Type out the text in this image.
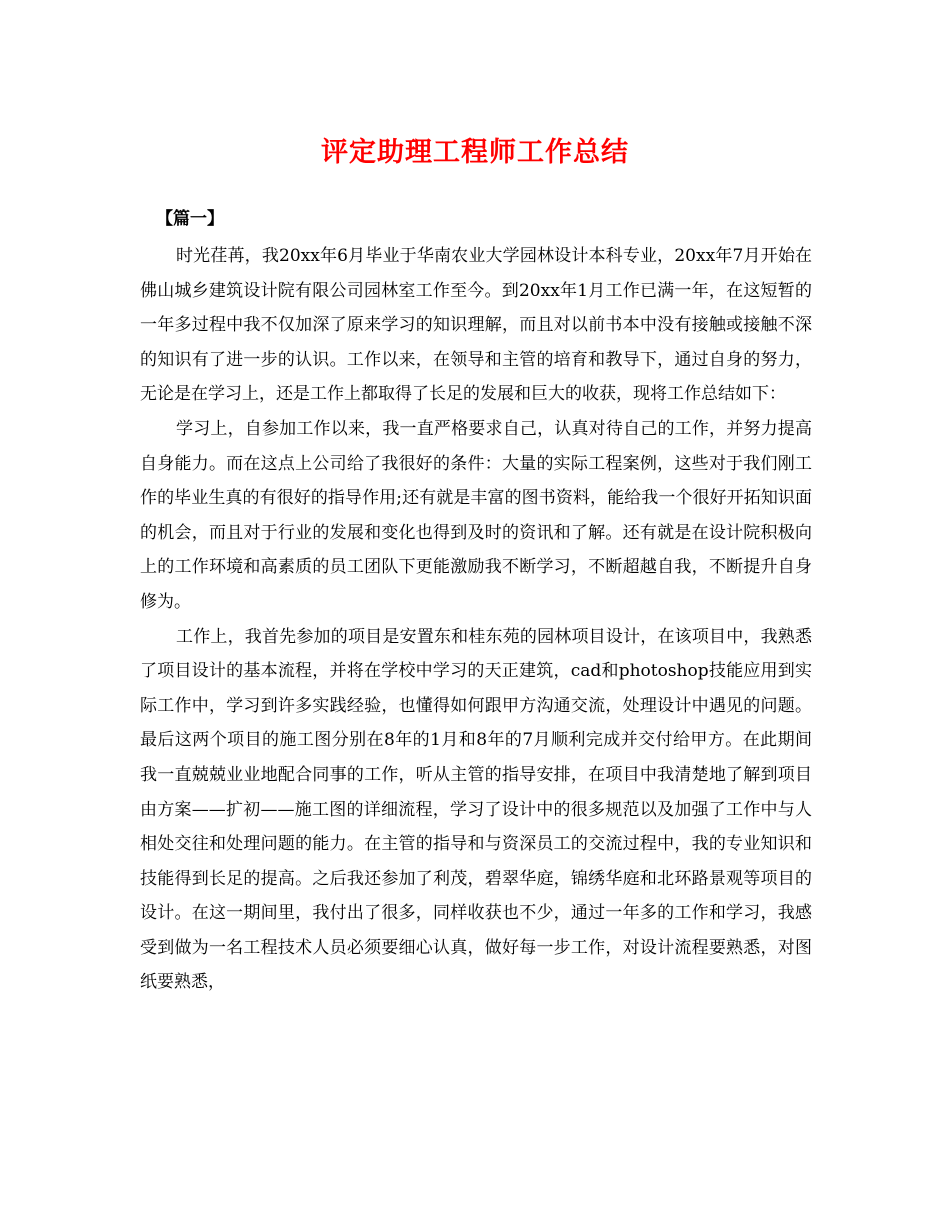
评定助理工程师工作总结
【篇一】

时光荏苒，我20xx年6月毕业于华南农业大学园林设计本科专业，20xx年7月开始在佛山城乡建筑设计院有限公司园林室工作至今。到20xx年1月工作已满一年，在这短暂的一年多过程中我不仅加深了原来学习的知识理解，而且对以前书本中没有接触或接触不深的知识有了进一步的认识。工作以来，在领导和主管的培育和教导下，通过自身的努力，无论是在学习上，还是工作上都取得了长足的发展和巨大的收获，现将工作总结如下：

学习上，自参加工作以来，我一直严格要求自己，认真对待自己的工作，并努力提高自身能力。而在这点上公司给了我很好的条件：大量的实际工程案例，这些对于我们刚工作的毕业生真的有很好的指导作用;还有就是丰富的图书资料，能给我一个很好开拓知识面的机会，而且对于行业的发展和变化也得到及时的资讯和了解。还有就是在设计院积极向上的工作环境和高素质的员工团队下更能激励我不断学习，不断超越自我，不断提升自身修为。

工作上，我首先参加的项目是安置东和桂东苑的园林项目设计，在该项目中，我熟悉了项目设计的基本流程，并将在学校中学习的天正建筑，cad和photoshop技能应用到实际工作中，学习到许多实践经验，也懂得如何跟甲方沟通交流，处理设计中遇见的问题。最后这两个项目的施工图分别在8年的1月和8年的7月顺利完成并交付给甲方。在此期间我一直兢兢业业地配合同事的工作，听从主管的指导安排，在项目中我清楚地了解到项目由方案——扩初——施工图的详细流程，学习了设计中的很多规范以及加强了工作中与人相处交往和处理问题的能力。在主管的指导和与资深员工的交流过程中，我的专业知识和技能得到长足的提高。之后我还参加了利茂，碧翠华庭，锦绣华庭和北环路景观等项目的设计。在这一期间里，我付出了很多，同样收获也不少，通过一年多的工作和学习，我感受到做为一名工程技术人员必须要细心认真，做好每一步工作，对设计流程要熟悉，对图纸要熟悉，
